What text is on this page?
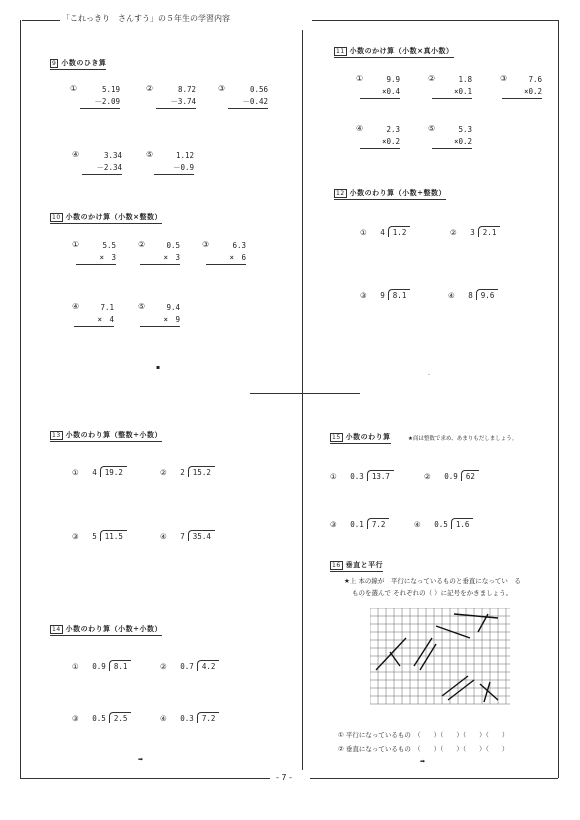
「これっきり　さんすう」の５年生の学習内容
- 7 -
9 小数のひき算
①	5.19
－2.09
②	8.72
－3.74
③	0.56
－0.42
④	3.34
－2.34
⑤	1.12
－0.9
10 小数のかけ算（小数×整数）
①	5.5
×　3
②	0.5
×　3
③	6.3
×　6
④	7.1
×　4
⑤	9.4
×　9
▪
11 小数のかけ算（小数×真小数）
①	9.9
×0.4
②	1.8
×0.1
③	7.6
×0.2
④	2.3
×0.2
⑤	5.3
×0.2
12 小数のわり算（小数÷整数）
① 4 1.2	② 3 2.1
③ 9 8.1	④ 8 9.6
·
13 小数のわり算（整数÷小数）
① 4 19.2	② 2 15.2
③ 5 11.5	④ 7 35.4
14 小数のわり算（小数÷小数）
① 0.9 8.1	② 0.7 4.2
③ 0.5 2.5	④ 0.3 7.2
➡
15 小数のわり算	★商は整数で求め、あまりもだしましょう。
① 0.3 13.7	② 0.9 62
③ 0.1 7.2	④ 0.5 1.6
16 垂直と平行
★上 本の線が　平行になっているものと垂直になってい　る
ものを選んで それぞれの（ ）に記号をかきましょう。
① 平行になっているもの　（　　）（　　）（　　）（　　）
② 垂直になっているもの　（　　）（　　）（　　）（　　）
➡
